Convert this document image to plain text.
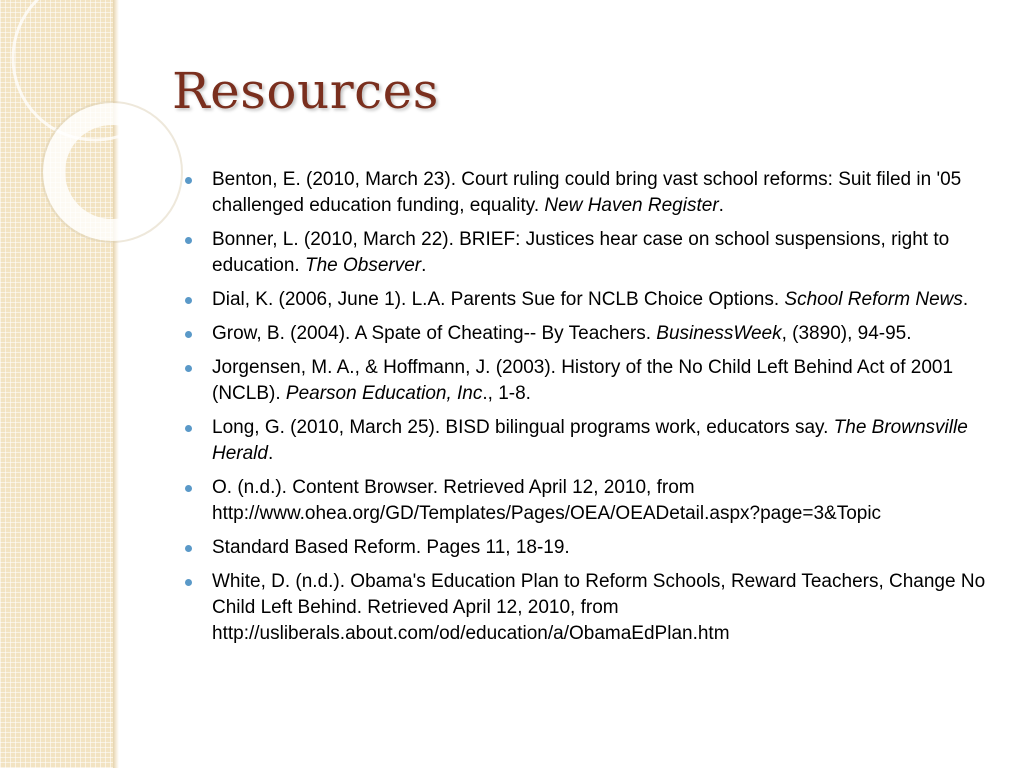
Resources
Benton, E. (2010, March 23). Court ruling could bring vast school reforms: Suit filed in '05 challenged education funding, equality. New Haven Register.
Bonner, L. (2010, March 22). BRIEF: Justices hear case on school suspensions, right to education. The Observer.
Dial, K. (2006, June 1). L.A. Parents Sue for NCLB Choice Options. School Reform News.
Grow, B. (2004). A Spate of Cheating-- By Teachers. BusinessWeek, (3890), 94-95.
Jorgensen, M. A., & Hoffmann, J. (2003). History of the No Child Left Behind Act of 2001 (NCLB). Pearson Education, Inc., 1-8.
Long, G. (2010, March 25). BISD bilingual programs work, educators say. The Brownsville Herald.
O. (n.d.). Content Browser. Retrieved April 12, 2010, from http://www.ohea.org/GD/Templates/Pages/OEA/OEADetail.aspx?page=3&Topic
Standard Based Reform. Pages 11, 18-19.
White, D. (n.d.). Obama's Education Plan to Reform Schools, Reward Teachers, Change No Child Left Behind. Retrieved April 12, 2010, from http://usliberals.about.com/od/education/a/ObamaEdPlan.htm
